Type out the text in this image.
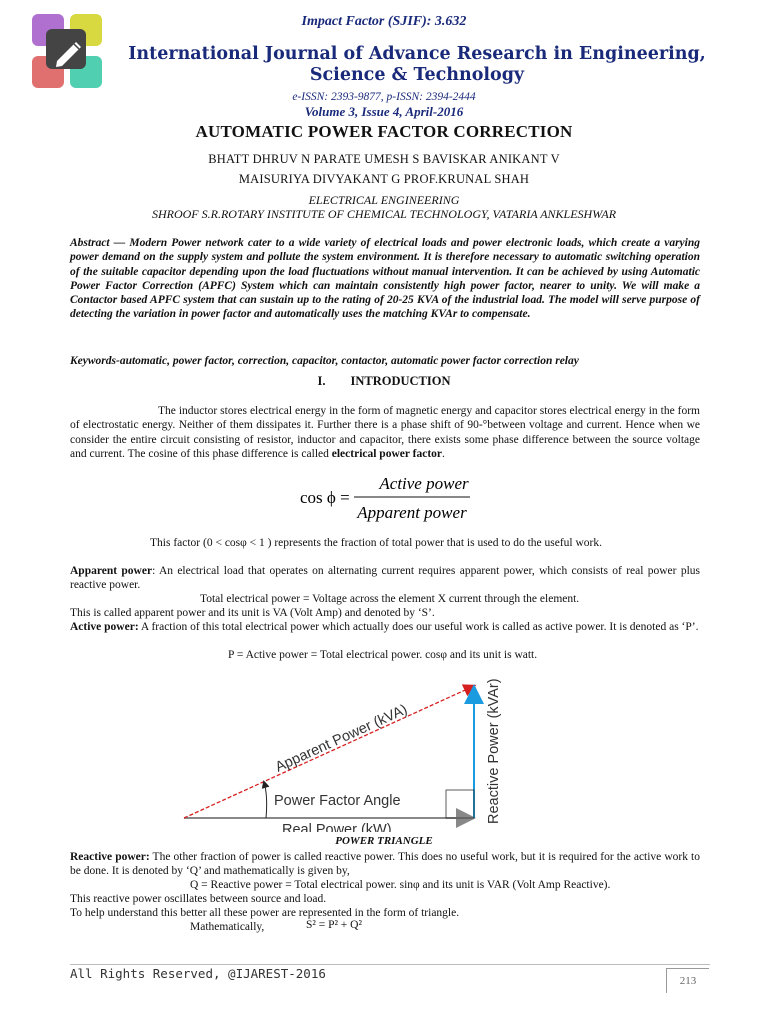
Impact Factor (SJIF): 3.632
International Journal of Advance Research in Engineering, Science & Technology
e-ISSN: 2393-9877, p-ISSN: 2394-2444
Volume 3, Issue 4, April-2016
AUTOMATIC POWER FACTOR CORRECTION
BHATT DHRUV N PARATE UMESH S BAVISKAR ANIKANT V
MAISURIYA DIVYAKANT G PROF.KRUNAL SHAH
ELECTRICAL ENGINEERING
SHROOF S.R.ROTARY INSTITUTE OF CHEMICAL TECHNOLOGY, VATARIA ANKLESHWAR
Abstract — Modern Power network cater to a wide variety of electrical loads and power electronic loads, which create a varying power demand on the supply system and pollute the system environment. It is therefore necessary to automatic switching operation of the suitable capacitor depending upon the load fluctuations without manual intervention. It can be achieved by using Automatic Power Factor Correction (APFC) System which can maintain consistently high power factor, nearer to unity. We will make a Contactor based APFC system that can sustain up to the rating of 20-25 KVA of the industrial load. The model will serve purpose of detecting the variation in power factor and automatically uses the matching KVAr to compensate.
Keywords-automatic, power factor, correction, capacitor, contactor, automatic power factor correction relay
I.        INTRODUCTION
The inductor stores electrical energy in the form of magnetic energy and capacitor stores electrical energy in the form of electrostatic energy. Neither of them dissipates it. Further there is a phase shift of 90-°between voltage and current. Hence when we consider the entire circuit consisting of resistor, inductor and capacitor, there exists some phase difference between the source voltage and current. The cosine of this phase difference is called electrical power factor.
cos ϕ =
Active power
Apparent power
This factor (0 < cosφ < 1 ) represents the fraction of total power that is used to do the useful work.
Apparent power: An electrical load that operates on alternating current requires apparent power, which consists of real power plus reactive power.
Total electrical power = Voltage across the element X current through the element.
This is called apparent power and its unit is VA (Volt Amp) and denoted by ‘S’.
Active power: A fraction of this total electrical power which actually does our useful work is called as active power. It is denoted as ‘P’.
P = Active power = Total electrical power. cosφ and its unit is watt.
Apparent Power (kVA)	Reactive Power (kVAr)
Power Factor Angle
Real Power (kW)
POWER TRIANGLE
Reactive power: The other fraction of power is called reactive power. This does no useful work, but it is required for the active work to be done. It is denoted by ‘Q’ and mathematically is given by,
Q = Reactive power = Total electrical power. sinφ and its unit is VAR (Volt Amp Reactive).
This reactive power oscillates between source and load.
To help understand this better all these power are represented in the form of triangle.
Mathematically,	S² = P² + Q²
All Rights Reserved, @IJAREST-2016	213
